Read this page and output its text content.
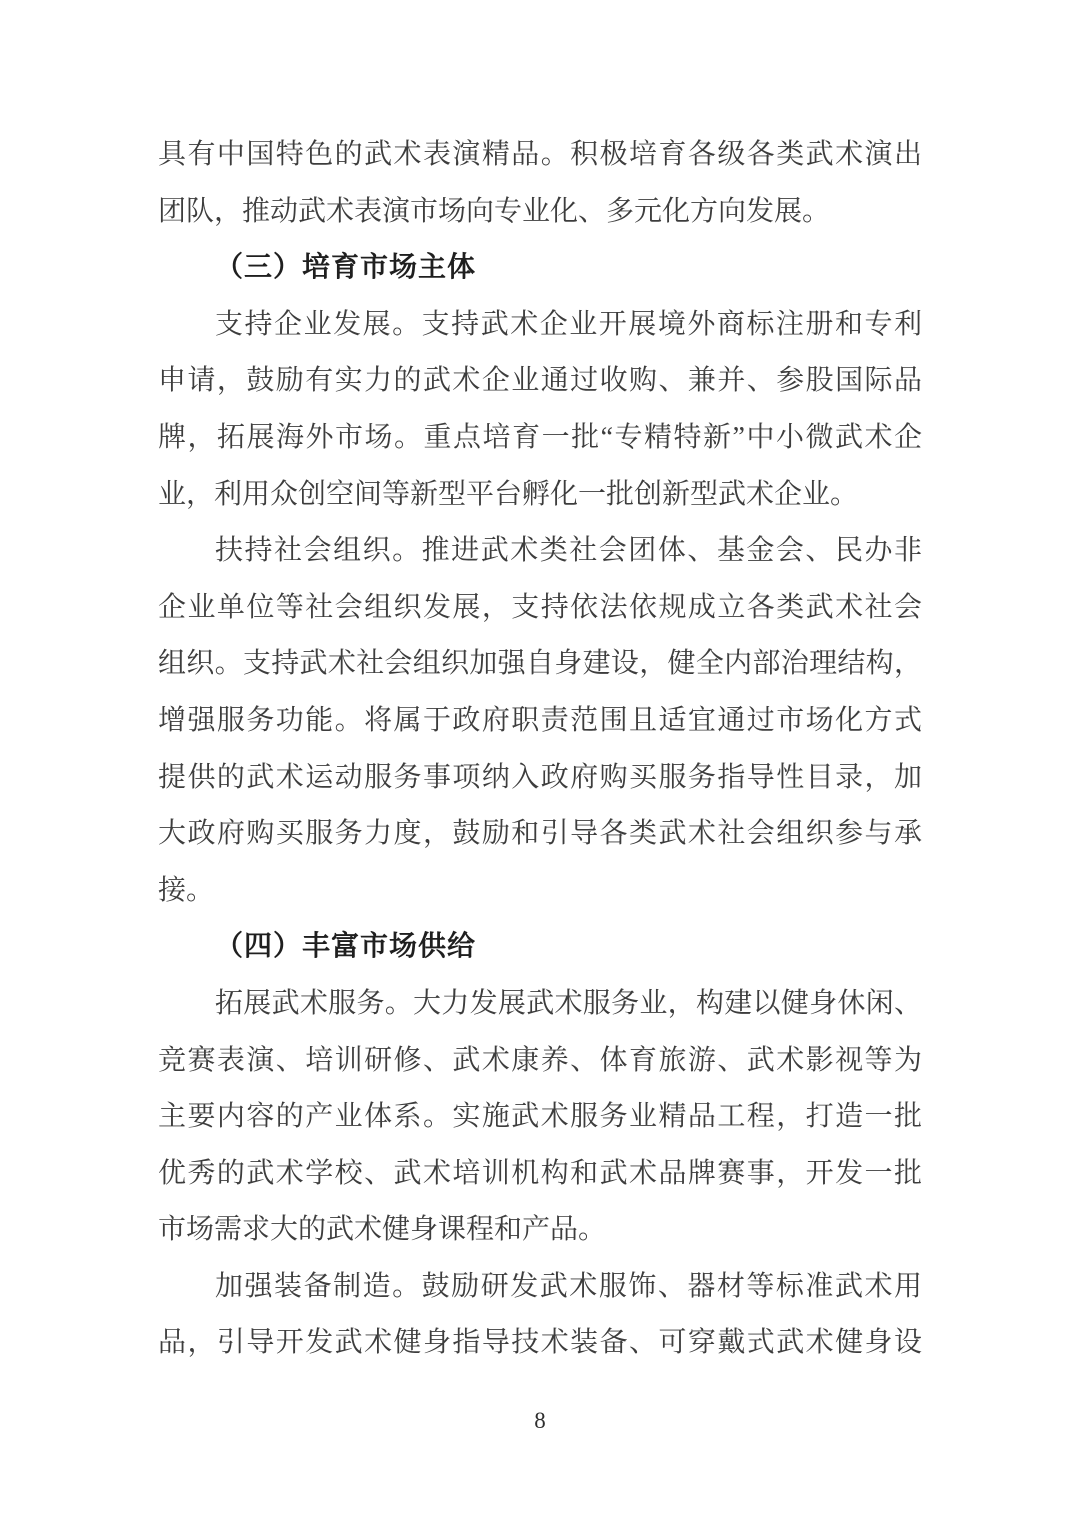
具有中国特色的武术表演精品。积极培育各级各类武术演出
团队，推动武术表演市场向专业化、多元化方向发展。
（三）培育市场主体
支持企业发展。支持武术企业开展境外商标注册和专利
申请，鼓励有实力的武术企业通过收购、兼并、参股国际品
牌，拓展海外市场。重点培育一批“专精特新”中小微武术企
业，利用众创空间等新型平台孵化一批创新型武术企业。
扶持社会组织。推进武术类社会团体、基金会、民办非
企业单位等社会组织发展，支持依法依规成立各类武术社会
组织。支持武术社会组织加强自身建设，健全内部治理结构，
增强服务功能。将属于政府职责范围且适宜通过市场化方式
提供的武术运动服务事项纳入政府购买服务指导性目录，加
大政府购买服务力度，鼓励和引导各类武术社会组织参与承
接。
（四）丰富市场供给
拓展武术服务。大力发展武术服务业，构建以健身休闲、
竞赛表演、培训研修、武术康养、体育旅游、武术影视等为
主要内容的产业体系。实施武术服务业精品工程，打造一批
优秀的武术学校、武术培训机构和武术品牌赛事，开发一批
市场需求大的武术健身课程和产品。
加强装备制造。鼓励研发武术服饰、器材等标准武术用
品，引导开发武术健身指导技术装备、可穿戴式武术健身设
8
